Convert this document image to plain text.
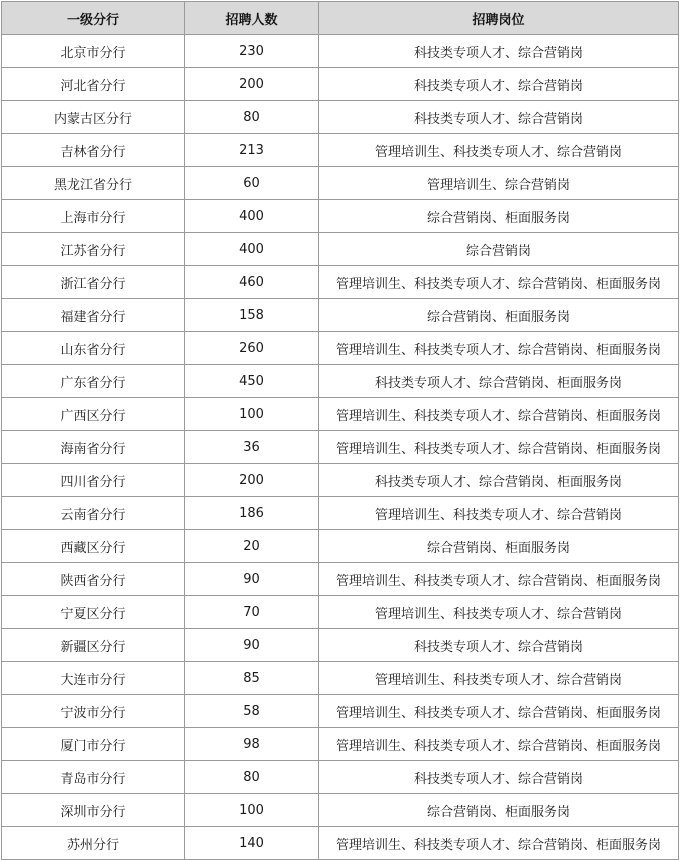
一级分行	招聘人数	招聘岗位
北京市分行	230	科技类专项人才、综合营销岗
河北省分行	200	科技类专项人才、综合营销岗
内蒙古区分行	80	科技类专项人才、综合营销岗
吉林省分行	213	管理培训生、科技类专项人才、综合营销岗
黑龙江省分行	60	管理培训生、综合营销岗
上海市分行	400	综合营销岗、柜面服务岗
江苏省分行	400	综合营销岗
浙江省分行	460	管理培训生、科技类专项人才、综合营销岗、柜面服务岗
福建省分行	158	综合营销岗、柜面服务岗
山东省分行	260	管理培训生、科技类专项人才、综合营销岗、柜面服务岗
广东省分行	450	科技类专项人才、综合营销岗、柜面服务岗
广西区分行	100	管理培训生、科技类专项人才、综合营销岗、柜面服务岗
海南省分行	36	管理培训生、科技类专项人才、综合营销岗、柜面服务岗
四川省分行	200	科技类专项人才、综合营销岗、柜面服务岗
云南省分行	186	管理培训生、科技类专项人才、综合营销岗
西藏区分行	20	综合营销岗、柜面服务岗
陕西省分行	90	管理培训生、科技类专项人才、综合营销岗、柜面服务岗
宁夏区分行	70	管理培训生、科技类专项人才、综合营销岗
新疆区分行	90	科技类专项人才、综合营销岗
大连市分行	85	管理培训生、科技类专项人才、综合营销岗
宁波市分行	58	管理培训生、科技类专项人才、综合营销岗、柜面服务岗
厦门市分行	98	管理培训生、科技类专项人才、综合营销岗、柜面服务岗
青岛市分行	80	科技类专项人才、综合营销岗
深圳市分行	100	综合营销岗、柜面服务岗
苏州分行	140	管理培训生、科技类专项人才、综合营销岗、柜面服务岗
